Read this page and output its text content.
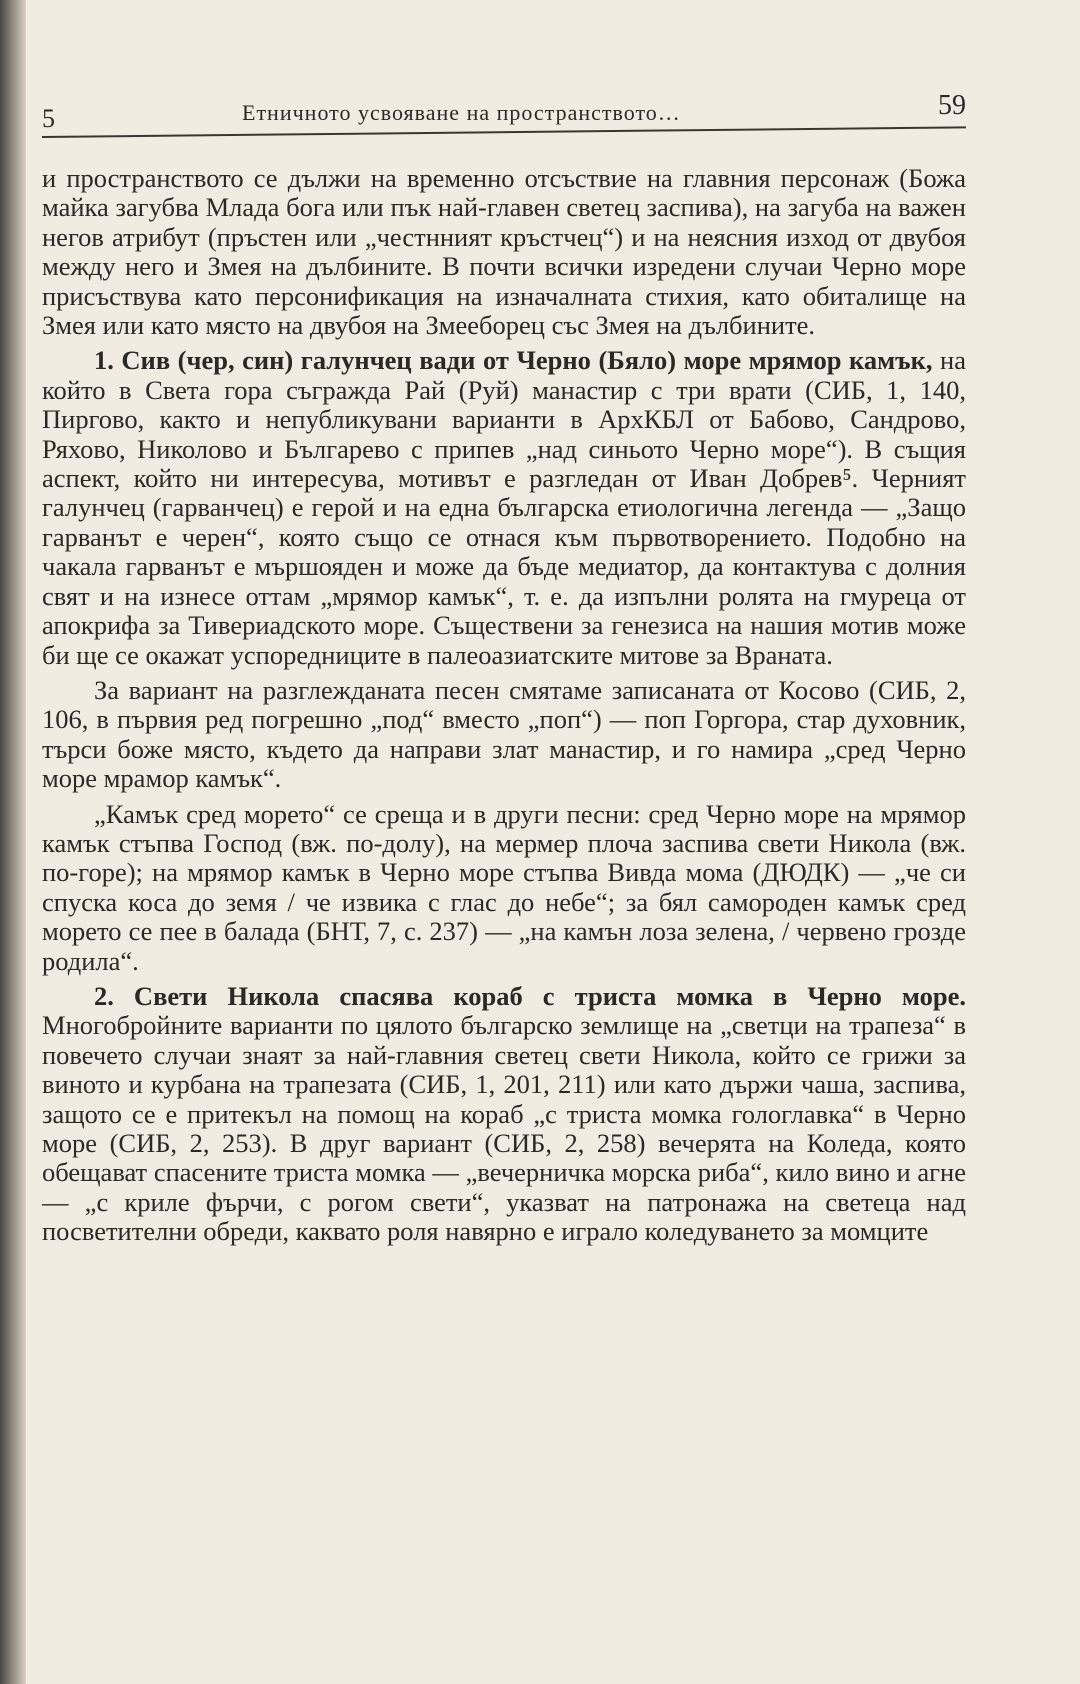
5	Етничното усвояване на пространството…	59

и пространството се дължи на временно отсъствие на главния персонаж (Божа майка загубва Млада бога или пък най-главен светец заспива), на загуба на важен негов атрибут (пръстен или „честнният кръстчец“) и на неясния изход от двубоя между него и Змея на дълбините. В почти всички изредени случаи Черно море присъствува като персонификация на изначалната стихия, като обиталище на Змея или като място на двубоя на Змееборец със Змея на дълбините.

1. Сив (чер, син) галунчец вади от Черно (Бяло) море мрямор камък, на който в Света гора съгражда Рай (Руй) манастир с три врати (СИБ, 1, 140, Пиргово, както и непубликувани варианти в АрхКБЛ от Бабово, Сандрово, Ряхово, Николово и Българево с припев „над синьото Черно море“). В същия аспект, който ни интересува, мотивът е разгледан от Иван Добрев⁵. Черният галунчец (гарванчец) е герой и на една българска етиологична легенда — „Защо гарванът е черен“, която също се отнася към първотворението. Подобно на чакала гарванът е мършояден и може да бъде медиатор, да контактува с долния свят и на изнесе оттам „мрямор камък“, т. е. да изпълни ролята на гмуреца от апокрифа за Тивериадското море. Съществени за генезиса на нашия мотив може би ще се окажат успоредниците в палеоазиатските митове за Враната.

За вариант на разглежданата песен смятаме записаната от Косово (СИБ, 2, 106, в първия ред погрешно „под“ вместо „поп“) — поп Горгора, стар духовник, търси боже място, където да направи злат манастир, и го намира „сред Черно море мрамор камък“.

„Камък сред морето“ се среща и в други песни: сред Черно море на мрямор камък стъпва Господ (вж. по-долу), на мермер плоча заспива свети Никола (вж. по-горе); на мрямор камък в Черно море стъпва Вивда мома (ДЮДК) — „че си спуска коса до земя / че извика с глас до небе“; за бял самороден камък сред морето се пее в балада (БНТ, 7, с. 237) — „на камън лоза зелена, / червено грозде родила“.

2. Свети Никола спасява кораб с триста момка в Черно море. Многобройните варианти по цялото българско землище на „светци на трапеза“ в повечето случаи знаят за най-главния светец свети Никола, който се грижи за виното и курбана на трапезата (СИБ, 1, 201, 211) или като държи чаша, заспива, защото се е притекъл на помощ на кораб „с триста момка гологлавка“ в Черно море (СИБ, 2, 253). В друг вариант (СИБ, 2, 258) вечерята на Коледа, която обещават спасените триста момка — „вечерничка морска риба“, кило вино и агне — „с криле фърчи, с рогом свети“, указват на патронажа на светеца над посветителни обреди, каквато роля навярно е играло коледуването за момците
